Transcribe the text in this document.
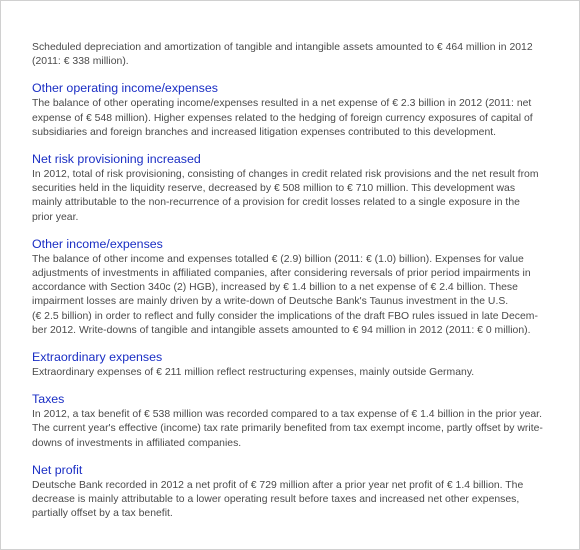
Scheduled depreciation and amortization of tangible and intangible assets amounted to € 464 million in 2012
(2011: € 338 million).

Other operating income/expenses

The balance of other operating income/expenses resulted in a net expense of € 2.3 billion in 2012 (2011: net
expense of € 548 million). Higher expenses related to the hedging of foreign currency exposures of capital of
subsidiaries and foreign branches and increased litigation expenses contributed to this development.

Net risk provisioning increased

In 2012, total of risk provisioning, consisting of changes in credit related risk provisions and the net result from
securities held in the liquidity reserve, decreased by € 508 million to € 710 million. This development was
mainly attributable to the non-recurrence of a provision for credit losses related to a single exposure in the
prior year.

Other income/expenses

The balance of other income and expenses totalled € (2.9) billion (2011: € (1.0) billion). Expenses for value
adjustments of investments in affiliated companies, after considering reversals of prior period impairments in
accordance with Section 340c (2) HGB), increased by € 1.4 billion to a net expense of € 2.4 billion. These
impairment losses are mainly driven by a write-down of Deutsche Bank's Taunus investment in the U.S.
(€ 2.5 billion) in order to reflect and fully consider the implications of the draft FBO rules issued in late Decem-
ber 2012. Write-downs of tangible and intangible assets amounted to € 94 million in 2012 (2011: € 0 million).

Extraordinary expenses

Extraordinary expenses of € 211 million reflect restructuring expenses, mainly outside Germany.

Taxes

In 2012, a tax benefit of € 538 million was recorded compared to a tax expense of € 1.4 billion in the prior year.
The current year's effective (income) tax rate primarily benefited from tax exempt income, partly offset by write-
downs of investments in affiliated companies.

Net profit

Deutsche Bank recorded in 2012 a net profit of € 729 million after a prior year net profit of € 1.4 billion. The
decrease is mainly attributable to a lower operating result before taxes and increased net other expenses,
partially offset by a tax benefit.
